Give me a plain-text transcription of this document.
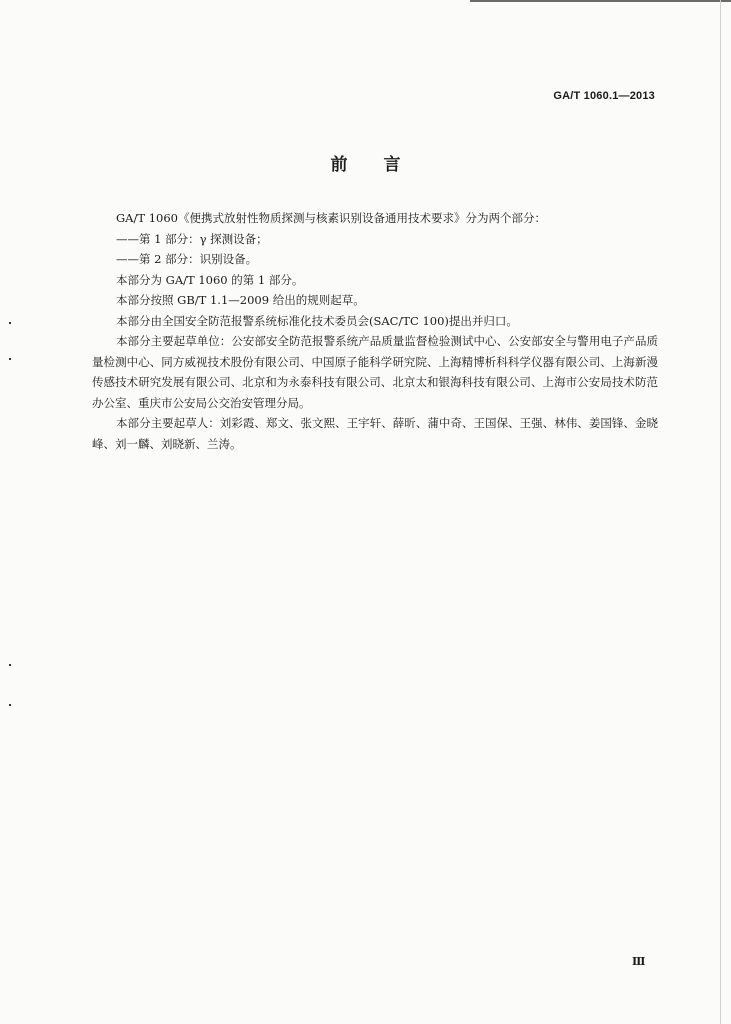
GA/T 1060.1—2013
前言

GA/T 1060《便携式放射性物质探测与核素识别设备通用技术要求》分为两个部分：

——第 1 部分：γ 探测设备；

——第 2 部分：识别设备。

本部分为 GA/T 1060 的第 1 部分。

本部分按照 GB/T 1.1—2009 给出的规则起草。

本部分由全国安全防范报警系统标准化技术委员会(SAC/TC 100)提出并归口。

本部分主要起草单位：公安部安全防范报警系统产品质量监督检验测试中心、公安部安全与警用电子产品质量检测中心、同方威视技术股份有限公司、中国原子能科学研究院、上海精博析科科学仪器有限公司、上海新漫传感技术研究发展有限公司、北京和为永泰科技有限公司、北京太和银海科技有限公司、上海市公安局技术防范办公室、重庆市公安局公交治安管理分局。

本部分主要起草人：刘彩霞、郑文、张文熙、王宇轩、薛昕、蒲中奇、王国保、王强、林伟、姜国锋、金晓峰、刘一麟、刘晓新、兰涛。

Ⅲ
